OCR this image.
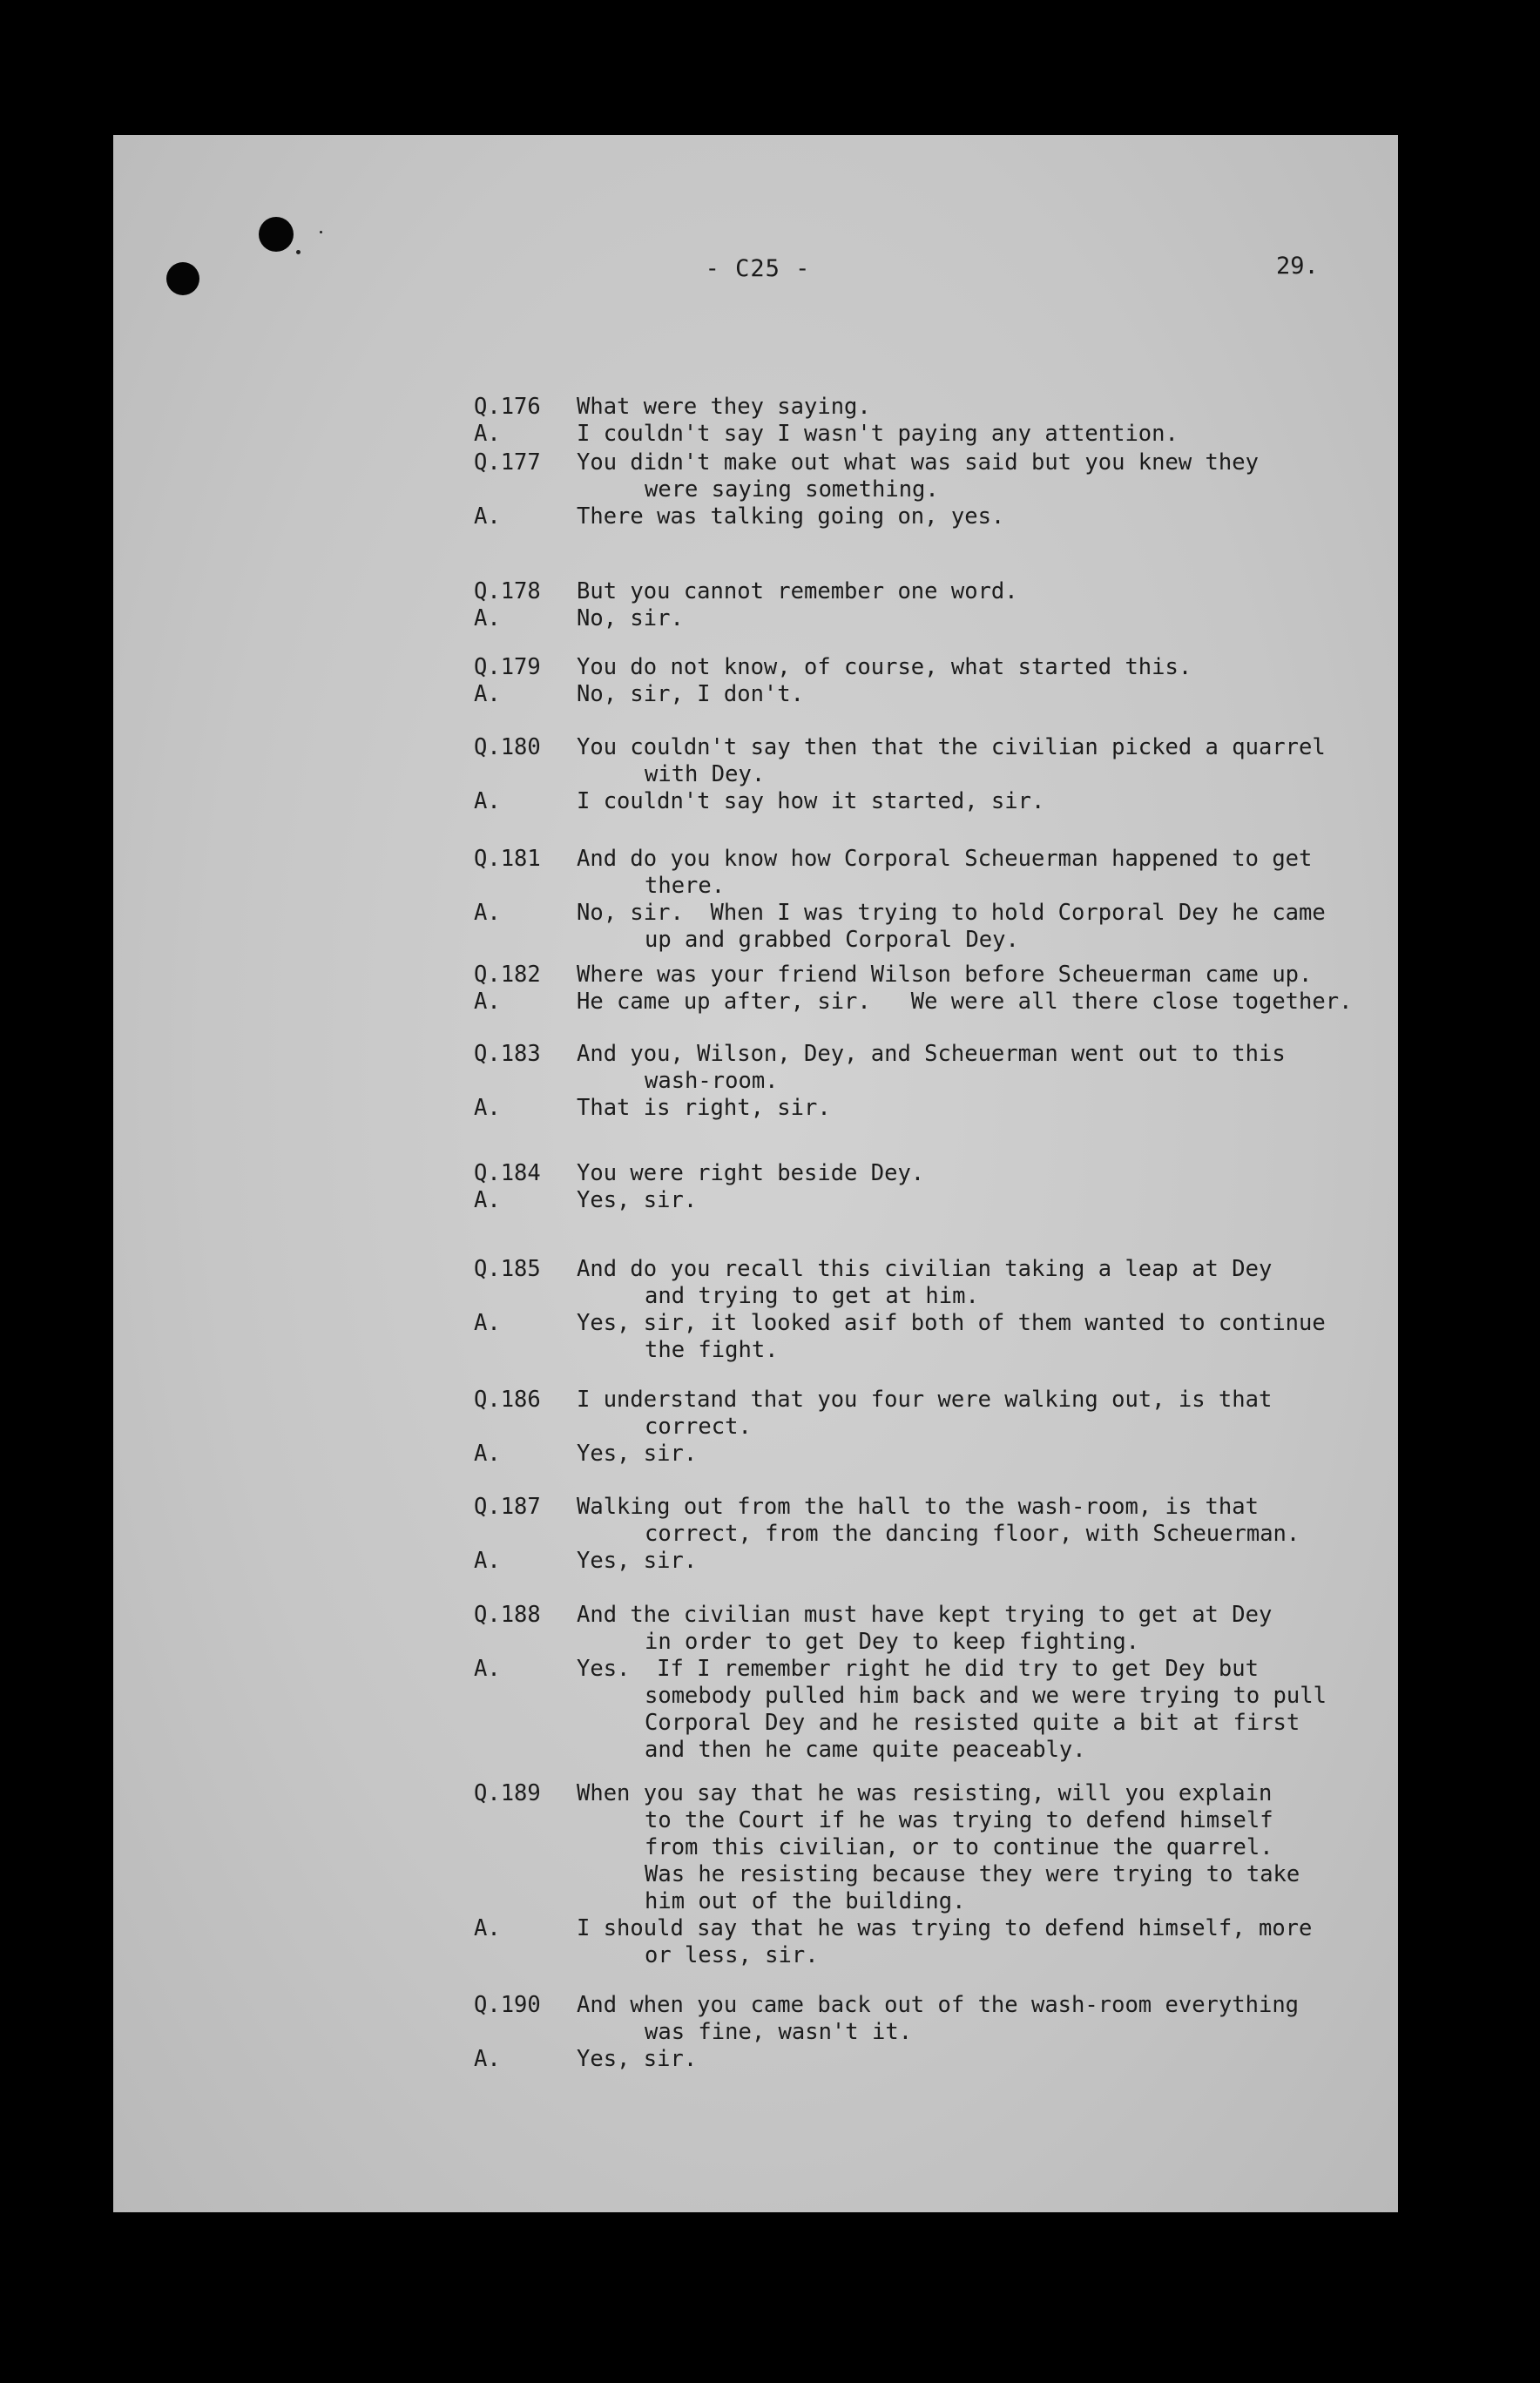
- C25 -	29.
Q.176 What were they saying.
A.	I couldn't say I wasn't paying any attention.
Q.177 You didn't make out what was said but you knew they
were saying something.
A.	There was talking going on, yes.
Q.178 But you cannot remember one word.
A.	No, sir.
Q.179 You do not know, of course, what started this.
A.	No, sir, I don't.
Q.180 You couldn't say then that the civilian picked a quarrel
with Dey.
A.	I couldn't say how it started, sir.
Q.181 And do you know how Corporal Scheuerman happened to get
there.
A.	No, sir.  When I was trying to hold Corporal Dey he came
up and grabbed Corporal Dey.
Q.182 Where was your friend Wilson before Scheuerman came up.
A.	He came up after, sir.   We were all there close together.
Q.183 And you, Wilson, Dey, and Scheuerman went out to this
wash-room.
A.	That is right, sir.
Q.184 You were right beside Dey.
A.	Yes, sir.
Q.185 And do you recall this civilian taking a leap at Dey
and trying to get at him.
A.	Yes, sir, it looked asif both of them wanted to continue
the fight.
Q.186 I understand that you four were walking out, is that
correct.
A.	Yes, sir.
Q.187 Walking out from the hall to the wash-room, is that
correct, from the dancing floor, with Scheuerman.
A.	Yes, sir.
Q.188 And the civilian must have kept trying to get at Dey
in order to get Dey to keep fighting.
A.	Yes.  If I remember right he did try to get Dey but
somebody pulled him back and we were trying to pull
Corporal Dey and he resisted quite a bit at first
and then he came quite peaceably.
Q.189 When you say that he was resisting, will you explain
to the Court if he was trying to defend himself
from this civilian, or to continue the quarrel.
Was he resisting because they were trying to take
him out of the building.
A.	I should say that he was trying to defend himself, more
or less, sir.
Q.190 And when you came back out of the wash-room everything
was fine, wasn't it.
A.	Yes, sir.
